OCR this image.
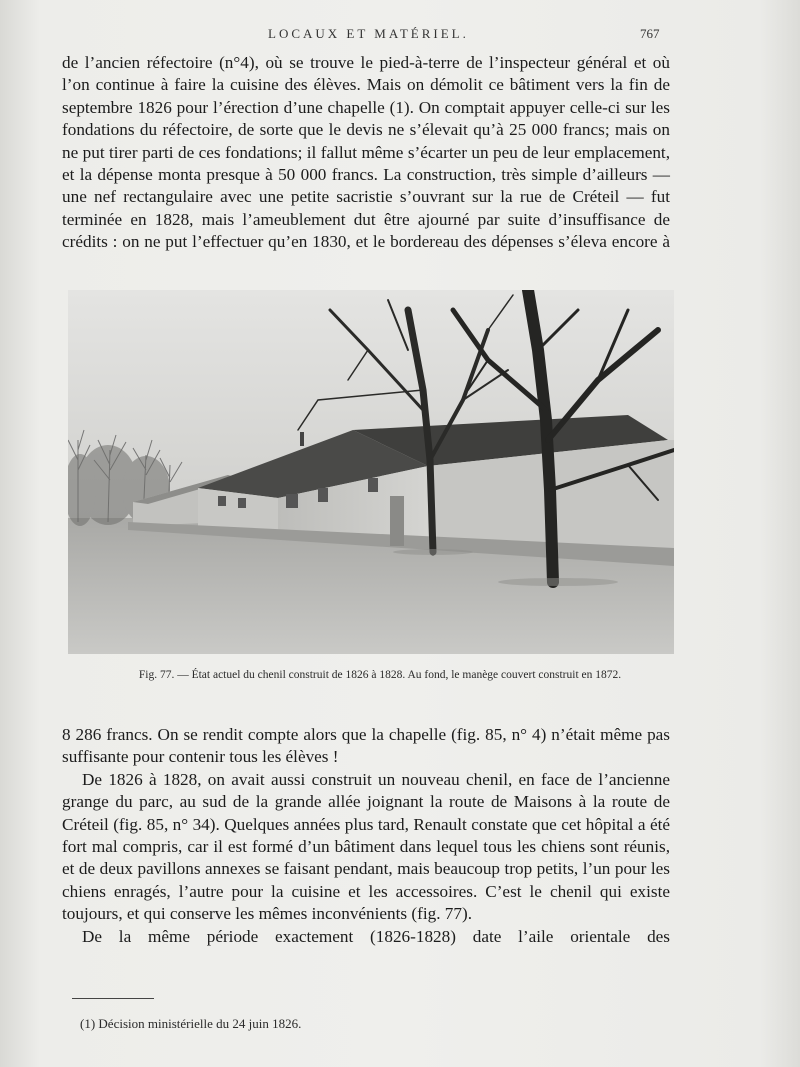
LOCAUX ET MATÉRIEL.	767

de l’ancien réfectoire (n°4), où se trouve le pied-à-terre de l’inspecteur général et où l’on continue à faire la cuisine des élèves. Mais on démolit ce bâtiment vers la fin de septembre 1826 pour l’érection d’une chapelle (1). On comptait appuyer celle-ci sur les fondations du réfectoire, de sorte que le devis ne s’élevait qu’à 25 000 francs; mais on ne put tirer parti de ces fondations; il fallut même s’écarter un peu de leur emplacement, et la dépense monta presque à 50 000 francs. La construction, très simple d’ailleurs — une nef rectangulaire avec une petite sacristie s’ouvrant sur la rue de Créteil — fut terminée en 1828, mais l’ameublement dut être ajourné par suite d’insuffisance de crédits : on ne put l’effectuer qu’en 1830, et le bordereau des dépenses s’éleva encore à

Fig. 77. — État actuel du chenil construit de 1826 à 1828. Au fond, le manège couvert construit en 1872.

8 286 francs. On se rendit compte alors que la chapelle (fig. 85, n° 4) n’était même pas suffisante pour contenir tous les élèves !

De 1826 à 1828, on avait aussi construit un nouveau chenil, en face de l’ancienne grange du parc, au sud de la grande allée joignant la route de Maisons à la route de Créteil (fig. 85, n° 34). Quelques années plus tard, Renault constate que cet hôpital a été fort mal compris, car il est formé d’un bâtiment dans lequel tous les chiens sont réunis, et de deux pavillons annexes se faisant pendant, mais beaucoup trop petits, l’un pour les chiens enragés, l’autre pour la cuisine et les accessoires. C’est le chenil qui existe toujours, et qui conserve les mêmes inconvénients (fig. 77).

De la même période exactement (1826-1828) date l’aile orientale des

(1) Décision ministérielle du 24 juin 1826.
